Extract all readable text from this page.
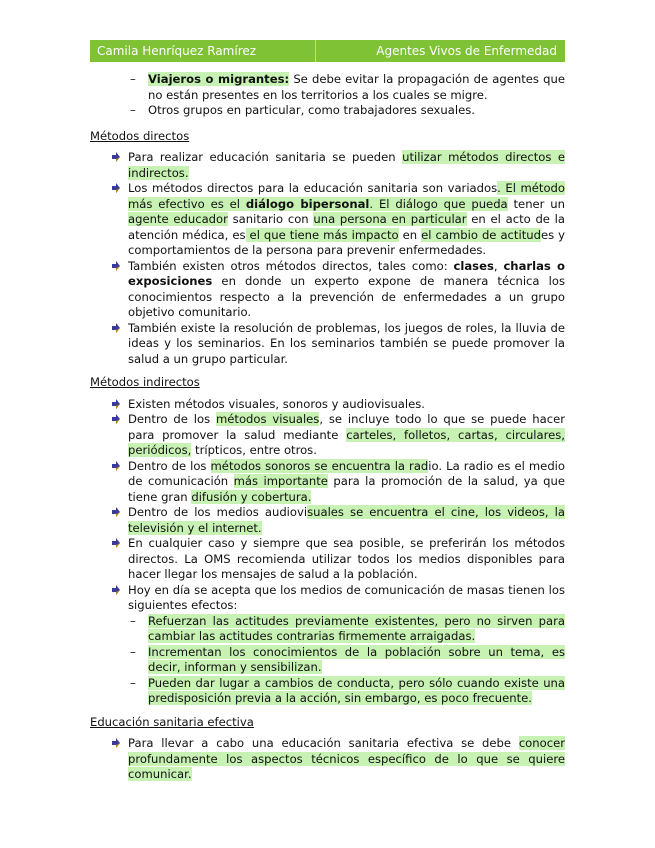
Camila Henríquez Ramírez	Agentes Vivos de Enfermedad
–	Viajeros o migrantes: Se debe evitar la propagación de agentes que no están presentes en los territorios a los cuales se migre.
–	Otros grupos en particular, como trabajadores sexuales.
Métodos directos
Para realizar educación sanitaria se pueden utilizar métodos directos e indirectos.
Los métodos directos para la educación sanitaria son variados. El método más efectivo es el diálogo bipersonal. El diálogo que pueda tener un agente educador sanitario con una persona en particular en el acto de la atención médica, es el que tiene más impacto en el cambio de actitudes y comportamientos de la persona para prevenir enfermedades.
También existen otros métodos directos, tales como: clases, charlas o exposiciones en donde un experto expone de manera técnica los conocimientos respecto a la prevención de enfermedades a un grupo objetivo comunitario.
También existe la resolución de problemas, los juegos de roles, la lluvia de ideas y los seminarios. En los seminarios también se puede promover la salud a un grupo particular.
Métodos indirectos
Existen métodos visuales, sonoros y audiovisuales.
Dentro de los métodos visuales, se incluye todo lo que se puede hacer para promover la salud mediante carteles, folletos, cartas, circulares, periódicos, trípticos, entre otros.
Dentro de los métodos sonoros se encuentra la radio. La radio es el medio de comunicación más importante para la promoción de la salud, ya que tiene gran difusión y cobertura.
Dentro de los medios audiovisuales se encuentra el cine, los videos, la televisión y el internet.
En cualquier caso y siempre que sea posible, se preferirán los métodos directos. La OMS recomienda utilizar todos los medios disponibles para hacer llegar los mensajes de salud a la población.
Hoy en día se acepta que los medios de comunicación de masas tienen los siguientes efectos:
–	Refuerzan las actitudes previamente existentes, pero no sirven para cambiar las actitudes contrarias firmemente arraigadas.
–	Incrementan los conocimientos de la población sobre un tema, es decir, informan y sensibilizan.
–	Pueden dar lugar a cambios de conducta, pero sólo cuando existe una predisposición previa a la acción, sin embargo, es poco frecuente.
Educación sanitaria efectiva
Para llevar a cabo una educación sanitaria efectiva se debe conocer profundamente los aspectos técnicos específico de lo que se quiere comunicar.
